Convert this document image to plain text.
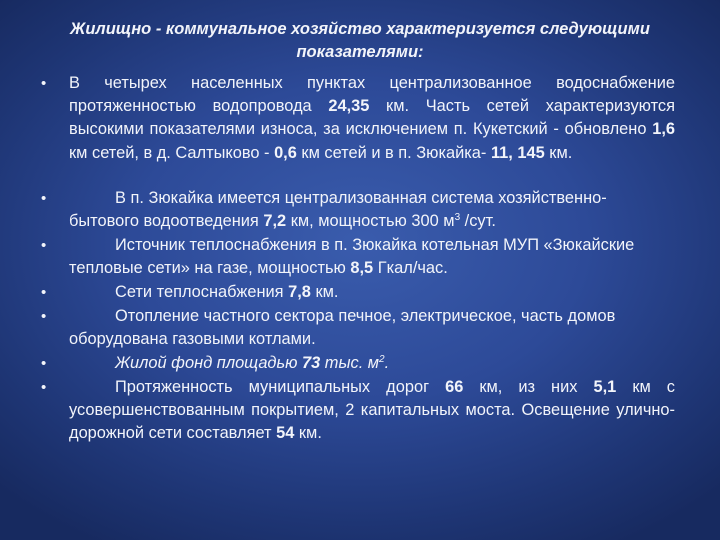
Жилищно - коммунальное хозяйство характеризуется следующими
показателями:
• В четырех населенных пунктах централизованное водоснабжение протяженностью водопровода 24,35 км. Часть сетей характеризуются высокими показателями износа, за исключением п. Кукетский - обновлено 1,6 км сетей, в д. Салтыково - 0,6 км сетей и в п. Зюкайка- 11, 145 км.
•	В п. Зюкайка имеется централизованная система хозяйственно-бытового водоотведения 7,2 км, мощностью 300 $м^3$ /сут.
•	Источник теплоснабжения в п. Зюкайка котельная МУП «Зюкайские тепловые сети» на газе, мощностью 8,5 Гкал/час.
•	Сети теплоснабжения 7,8 км.
•	Отопление частного сектора печное, электрическое, часть домов оборудована газовыми котлами.
•	Жилой фонд площадью 73 тыс. $м^2$.
•	Протяженность муниципальных дорог 66 км, из них 5,1 км с усовершенствованным покрытием, 2 капитальных моста. Освещение улично- дорожной сети составляет 54 км.
